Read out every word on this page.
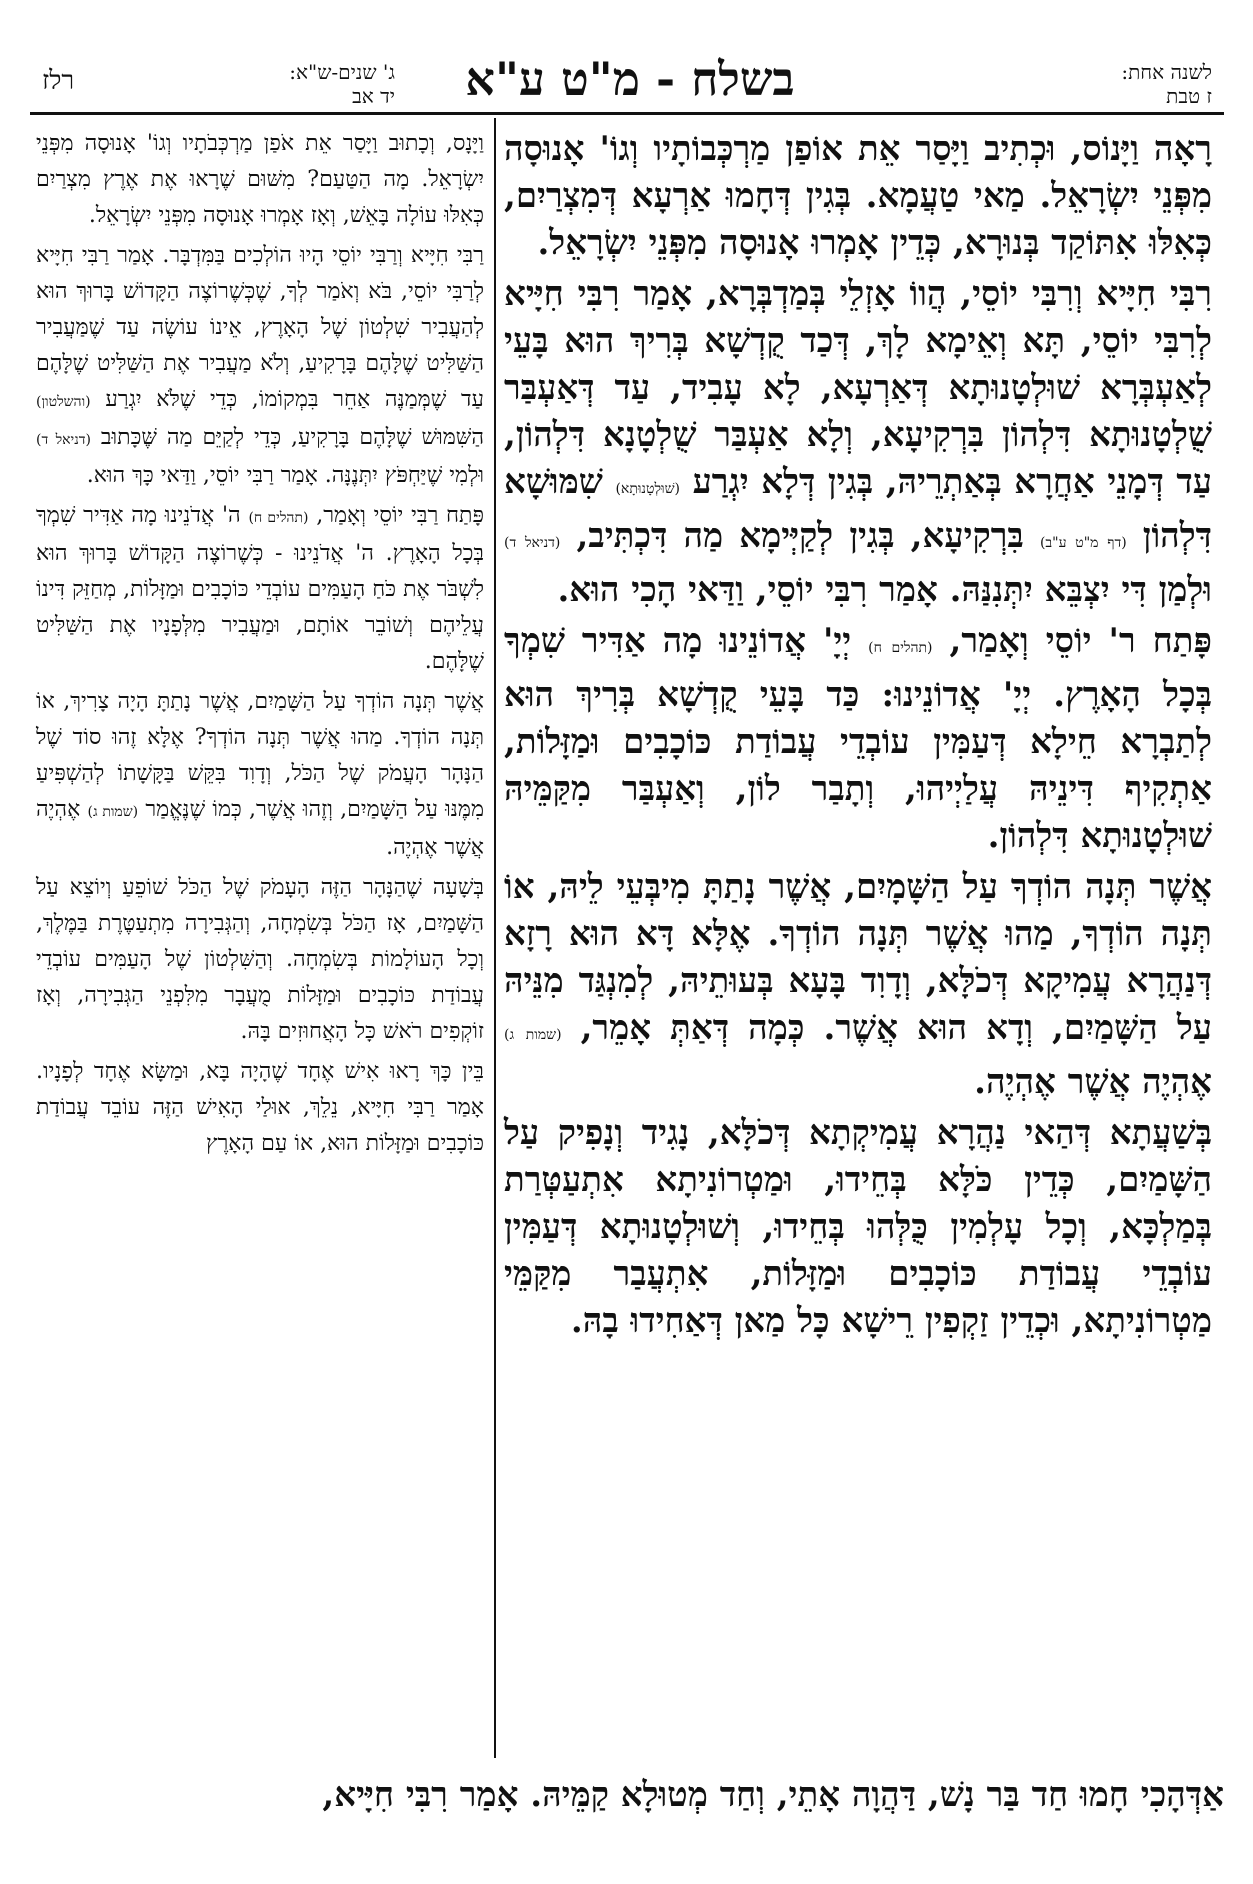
רלז	ג' שנים-ש"א:
יד אב	בשלח - מ"ט ע"א	לשנה אחת:
ז טבת

רָאָה וַיָּנוֹס, וּכְתִיב וַיָּסַר אֵת אוֹפַן מַרְכְּבוֹתָיו וְגוֹ' אָנוּסָה מִפְּנֵי יִשְׂרָאֵל. מַאי טַעֲמָא. בְּגִין דְּחָמוּ אַרְעָא דְּמִצְרַיִם, כְּאִלּוּ אִתּוֹקַד בְּנוּרָא, כְּדֵין אָמְרוּ אָנוּסָה מִפְּנֵי יִשְׂרָאֵל.

רִבִּי חִיָּיא וְרִבִּי יוֹסֵי, הֲווֹ אָזְלֵי בְּמַדְבְּרָא, אָמַר רִבִּי חִיָּיא לְרִבִּי יוֹסֵי, תָּא וְאֵימָא לָךְ, דְּכַד קֻדְשָׁא בְּרִיךְ הוּא בָּעֵי לְאַעְבְּרָא שׁוּלְטָנוּתָא דְּאַרְעָא, לָא עָבִיד, עַד דְּאַעְבַּר שֻׁלְטָנוּתָא דִּלְהוֹן בִּרְקִיעָא, וְלָא אַעְבַּר שֻׁלְטָנָא דִּלְהוֹן, עַד דְּמָנֵי אַחֲרָא בְּאַתְרֵיהּ, בְּגִין דְּלָא יִגְרַע (שׁוּלְטָנוּתָא) שִׁמּוּשָׁא דִּלְהוֹן (דף מ"ט ע"ב) בִּרְקִיעָא, בְּגִין לְקַיְּימָא מַה דִּכְתִּיב, (דניאל ד) וּלְמַן דִּי יִצְבֵּא יִתְּנִנַּהּ. אָמַר רִבִּי יוֹסֵי, וַדַּאי הָכִי הוּא.

פָּתַח ר' יוֹסֵי וְאָמַר, (תהלים ח) יְיָ' אֲדוֹנֵינוּ מָה אַדִּיר שִׁמְךָ בְּכָל הָאָרֶץ. יְיָ' אֲדוֹנֵינוּ: כַּד בָּעֵי קֻדְשָׁא בְּרִיךְ הוּא לְתַבְרָא חֵילָא דְּעַמִּין עוֹבְדֵי עֲבוֹדַת כּוֹכָבִים וּמַזָּלוֹת, אַתְקִיף דִּינֵיהּ עֲלַיְיהוּ, וְתָבַר לוֹן, וְאַעְבַּר מִקַּמֵּיהּ שׁוּלְטָנוּתָא דִּלְהוֹן.

אֲשֶׁר תְּנָה הוֹדְךָ עַל הַשָּׁמָיִם, אֲשֶׁר נָתַתָּ מִיבְּעֵי לֵיהּ, אוֹ תְּנָה הוֹדְךָ, מַהוּ אֲשֶׁר תְּנָה הוֹדְךָ. אֶלָּא דָּא הוּא רָזָא דְּנַהֲרָא עֲמִיקָא דְּכֹלָּא, וְדָוִד בָּעָא בְּעוּתֵיהּ, לְמִנְגַּד מִנֵּיהּ עַל הַשָּׁמַיִם, וְדָא הוּא אֲשֶׁר. כְּמָה דְּאַתְּ אָמֵר, (שמות ג) אֶהְיֶה אֲשֶׁר אֶהְיֶה.

בְּשַׁעֲתָא דְּהַאי נַהֲרָא עֲמִיקְתָא דְּכֹלָּא, נָגִיד וְנָפִיק עַל הַשָּׁמַיִם, כְּדֵין כֹּלָּא בְּחֵידוּ, וּמַטְרוֹנִיתָא אִתְעַטְּרַת בְּמַלְכָּא, וְכָל עָלְמִין כֻּלְּהוּ בְּחֵידוּ, וְשׁוּלְטָנוּתָא דְּעַמִּין עוֹבְדֵי עֲבוֹדַת כּוֹכָבִים וּמַזָּלוֹת, אִתְעֲבַר מִקַּמֵּי מַטְרוֹנִיתָא, וּכְדֵין זַקְפִין רֵישָׁא כָּל מַאן דְּאַחִידוּ בָהּ.

וַיָּנָס, וְכָתוּב וַיָּסַר אֵת אֹפַן מַרְכְּבֹתָיו וְגוֹ' אָנוּסָה מִפְּנֵי יִשְׂרָאֵל. מָה הַטַּעַם? מִשּׁוּם שֶׁרָאוּ אֶת אֶרֶץ מִצְרַיִם כְּאִלּוּ עוֹלָה בָּאֵשׁ, וְאָז אָמְרוּ אָנוּסָה מִפְּנֵי יִשְׂרָאֵל.

רַבִּי חִיָּיא וְרַבִּי יוֹסֵי הָיוּ הוֹלְכִים בַּמִּדְבָּר. אָמַר רַבִּי חִיָּיא לְרַבִּי יוֹסֵי, בֹּא וְאֹמַר לְךָ, שֶׁכְּשֶׁרוֹצֶה הַקָּדוֹשׁ בָּרוּךְ הוּא לְהַעֲבִיר שִׁלְטוֹן שֶׁל הָאָרֶץ, אֵינוֹ עוֹשֶׂה עַד שֶׁמַּעֲבִיר הַשַּׁלִּיט שֶׁלָּהֶם בָּרָקִיעַ, וְלֹא מַעֲבִיר אֶת הַשַּׁלִּיט שֶׁלָּהֶם עַד שֶׁמְּמַנֶּה אַחֵר בִּמְקוֹמוֹ, כְּדֵי שֶׁלֹּא יִגְרַע (והשלטון) הַשִּׁמּוּשׁ שֶׁלָּהֶם בָּרָקִיעַ, כְּדֵי לְקַיֵּם מַה שֶּׁכָּתוּב (דניאל ד) וּלְמִי שֶׁיַּחְפֹּץ יִתְּנֶנָּה. אָמַר רַבִּי יוֹסֵי, וַדַּאי כָּךְ הוּא.

פָּתַח רַבִּי יוֹסֵי וְאָמַר, (תהלים ח) ה' אֲדֹנֵינוּ מָה אַדִּיר שִׁמְךָ בְּכָל הָאָרֶץ. ה' אֲדֹנֵינוּ - כְּשֶׁרוֹצֶה הַקָּדוֹשׁ בָּרוּךְ הוּא לִשְׁבֹּר אֶת כֹּחַ הָעַמִּים עוֹבְדֵי כּוֹכָבִים וּמַזָּלוֹת, מְחַזֵּק דִּינוֹ עֲלֵיהֶם וְשׁוֹבֵר אוֹתָם, וּמַעֲבִיר מִלְּפָנָיו אֶת הַשַּׁלִּיט שֶׁלָּהֶם.

אֲשֶׁר תְּנָה הוֹדְךָ עַל הַשָּׁמַיִם, אֲשֶׁר נָתַתָּ הָיָה צָרִיךְ, אוֹ תְּנָה הוֹדְךָ. מַהוּ אֲשֶׁר תְּנָה הוֹדְךָ? אֶלָּא זֶהוּ סוֹד שֶׁל הַנָּהָר הָעֲמֹק שֶׁל הַכֹּל, וְדָוִד בִּקֵּשׁ בַּקָּשָׁתוֹ לְהַשְׁפִּיעַ מִמֶּנּוּ עַל הַשָּׁמַיִם, וְזֶהוּ אֲשֶׁר, כְּמוֹ שֶׁנֶּאֱמַר (שמות ג) אֶהְיֶה אֲשֶׁר אֶהְיֶה.

בְּשָׁעָה שֶׁהַנָּהָר הַזֶּה הָעָמֹק שֶׁל הַכֹּל שׁוֹפֵעַ וְיוֹצֵא עַל הַשָּׁמַיִם, אָז הַכֹּל בְּשִׂמְחָה, וְהַגְּבִירָה מִתְעַטֶּרֶת בַּמֶּלֶךְ, וְכָל הָעוֹלָמוֹת בְּשִׂמְחָה. וְהַשִּׁלְטוֹן שֶׁל הָעַמִּים עוֹבְדֵי עֲבוֹדַת כּוֹכָבִים וּמַזָּלוֹת מֻעֲבָר מִלִּפְנֵי הַגְּבִירָה, וְאָז זוֹקְפִים רֹאשׁ כָּל הָאֲחוּזִים בָּהּ.

בֵּין כָּךְ רָאוּ אִישׁ אֶחָד שֶׁהָיָה בָּא, וּמַשָּׂא אֶחָד לְפָנָיו. אָמַר רַבִּי חִיָּיא, נֵלֵךְ, אוּלַי הָאִישׁ הַזֶּה עוֹבֵד עֲבוֹדַת כּוֹכָבִים וּמַזָּלוֹת הוּא, אוֹ עַם הָאָרֶץ

אַדְּהָכִי חָמוּ חַד בַּר נָשׁ, דַּהֲוָה אָתֵי, וְחַד מְטוּלָא קַמֵּיהּ. אָמַר רִבִּי חִיָּיא,
